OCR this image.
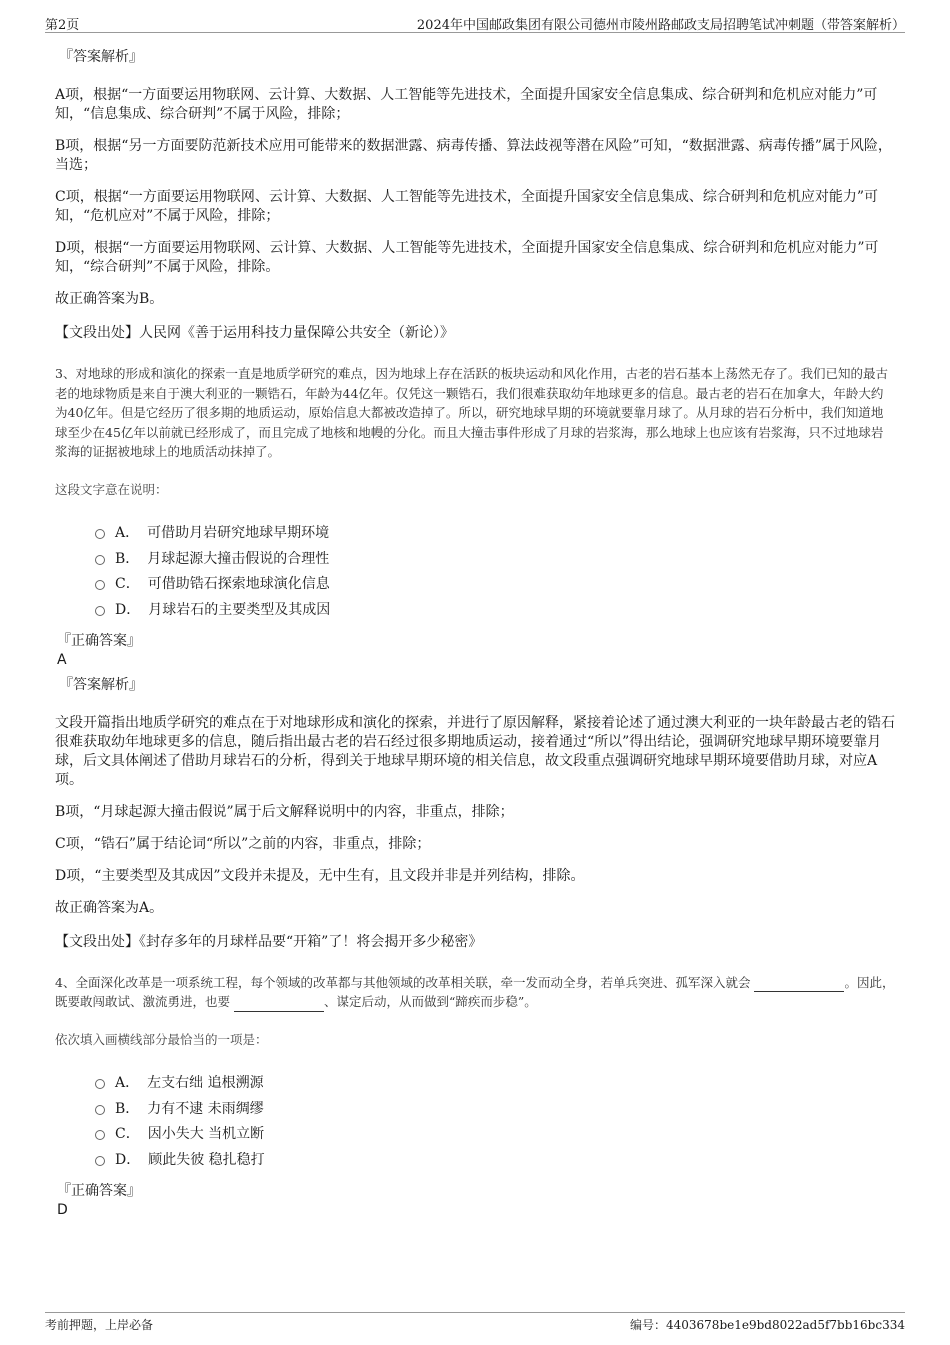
第2页	2024年中国邮政集团有限公司德州市陵州路邮政支局招聘笔试冲刺题（带答案解析）
『答案解析』

A项，根据“一方面要运用物联网、云计算、大数据、人工智能等先进技术，全面提升国家安全信息集成、综合研判和危机应对能力”可知，“信息集成、综合研判”不属于风险，排除；

B项，根据“另一方面要防范新技术应用可能带来的数据泄露、病毒传播、算法歧视等潜在风险”可知，“数据泄露、病毒传播”属于风险，当选；

C项，根据“一方面要运用物联网、云计算、大数据、人工智能等先进技术，全面提升国家安全信息集成、综合研判和危机应对能力”可知，“危机应对”不属于风险，排除；

D项，根据“一方面要运用物联网、云计算、大数据、人工智能等先进技术，全面提升国家安全信息集成、综合研判和危机应对能力”可知，“综合研判”不属于风险，排除。

故正确答案为B。

【文段出处】人民网《善于运用科技力量保障公共安全（新论）》

3、对地球的形成和演化的探索一直是地质学研究的难点，因为地球上存在活跃的板块运动和风化作用，古老的岩石基本上荡然无存了。我们已知的最古老的地球物质是来自于澳大利亚的一颗锆石，年龄为44亿年。仅凭这一颗锆石，我们很难获取幼年地球更多的信息。最古老的岩石在加拿大，年龄大约为40亿年。但是它经历了很多期的地质运动，原始信息大都被改造掉了。所以，研究地球早期的环境就要靠月球了。从月球的岩石分析中，我们知道地球至少在45亿年以前就已经形成了，而且完成了地核和地幔的分化。而且大撞击事件形成了月球的岩浆海，那么地球上也应该有岩浆海，只不过地球岩浆海的证据被地球上的地质活动抹掉了。

这段文字意在说明：

A． 可借助月岩研究地球早期环境
B． 月球起源大撞击假说的合理性
C． 可借助锆石探索地球演化信息
D． 月球岩石的主要类型及其成因
『正确答案』
A
『答案解析』

文段开篇指出地质学研究的难点在于对地球形成和演化的探索，并进行了原因解释，紧接着论述了通过澳大利亚的一块年龄最古老的锆石很难获取幼年地球更多的信息，随后指出最古老的岩石经过很多期地质运动，接着通过“所以”得出结论，强调研究地球早期环境要靠月球，后文具体阐述了借助月球岩石的分析，得到关于地球早期环境的相关信息，故文段重点强调研究地球早期环境要借助月球，对应A项。

B项，“月球起源大撞击假说”属于后文解释说明中的内容，非重点，排除；

C项，“锆石”属于结论词“所以”之前的内容，非重点，排除；

D项，“主要类型及其成因”文段并未提及，无中生有，且文段并非是并列结构，排除。

故正确答案为A。

【文段出处】《封存多年的月球样品要“开箱”了！将会揭开多少秘密》

4、全面深化改革是一项系统工程，每个领域的改革都与其他领域的改革相关联，牵一发而动全身，若单兵突进、孤军深入就会	。因此，既要敢闯敢试、激流勇进，也要	、谋定后动，从而做到“蹄疾而步稳”。

依次填入画横线部分最恰当的一项是：

A． 左支右绌 追根溯源
B． 力有不逮 未雨绸缪
C． 因小失大 当机立断
D． 顾此失彼 稳扎稳打
『正确答案』
D
考前押题，上岸必备	编号：4403678be1e9bd8022ad5f7bb16bc334
